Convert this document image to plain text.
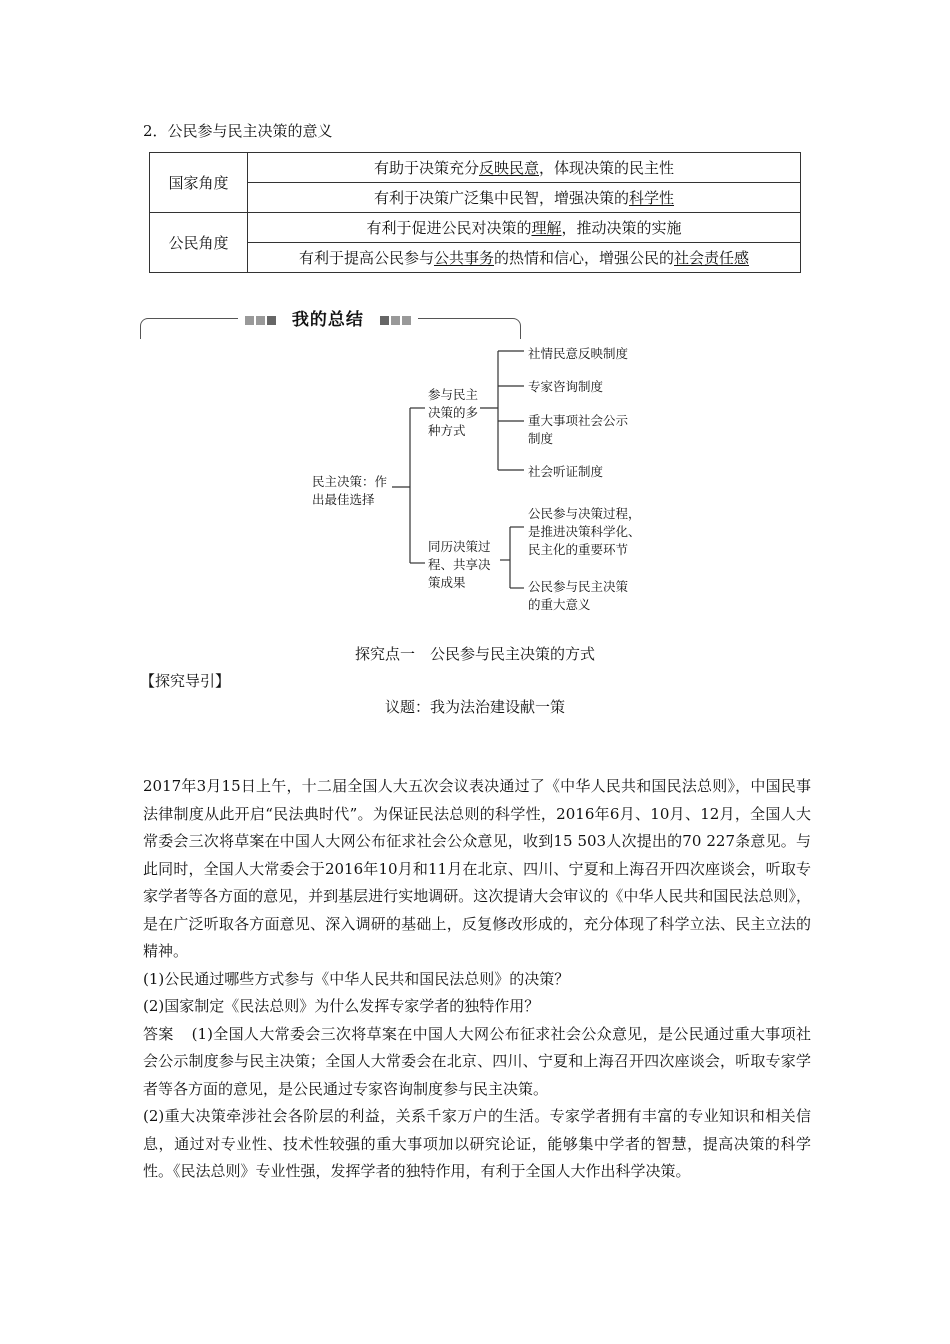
2．公民参与民主决策的意义
国家角度	有助于决策充分反映民意，体现决策的民主性
	有利于决策广泛集中民智，增强决策的科学性
公民角度	有利于促进公民对决策的理解，推动决策的实施
	有利于提高公民参与公共事务的热情和信心，增强公民的社会责任感
我的总结
民主决策：作出最佳选择
参与民主决策的多种方式
同历决策过程、共享决策成果
社情民意反映制度
专家咨询制度
重大事项社会公示制度
社会听证制度
公民参与决策过程，是推进决策科学化、民主化的重要环节
公民参与民主决策的重大意义
探究点一　公民参与民主决策的方式
【探究导引】
议题：我为法治建设献一策

2017年3月15日上午，十二届全国人大五次会议表决通过了《中华人民共和国民法总则》，中国民事法律制度从此开启“民法典时代”。为保证民法总则的科学性，2016年6月、10月、12月，全国人大常委会三次将草案在中国人大网公布征求社会公众意见，收到15 503人次提出的70 227条意见。与此同时，全国人大常委会于2016年10月和11月在北京、四川、宁夏和上海召开四次座谈会，听取专家学者等各方面的意见，并到基层进行实地调研。这次提请大会审议的《中华人民共和国民法总则》，是在广泛听取各方面意见、深入调研的基础上，反复修改形成的，充分体现了科学立法、民主立法的精神。

(1)公民通过哪些方式参与《中华人民共和国民法总则》的决策？

(2)国家制定《民法总则》为什么发挥专家学者的独特作用？

答案 (1)全国人大常委会三次将草案在中国人大网公布征求社会公众意见，是公民通过重大事项社会公示制度参与民主决策；全国人大常委会在北京、四川、宁夏和上海召开四次座谈会，听取专家学者等各方面的意见，是公民通过专家咨询制度参与民主决策。

(2)重大决策牵涉社会各阶层的利益，关系千家万户的生活。专家学者拥有丰富的专业知识和相关信息，通过对专业性、技术性较强的重大事项加以研究论证，能够集中学者的智慧，提高决策的科学性。《民法总则》专业性强，发挥学者的独特作用，有利于全国人大作出科学决策。
